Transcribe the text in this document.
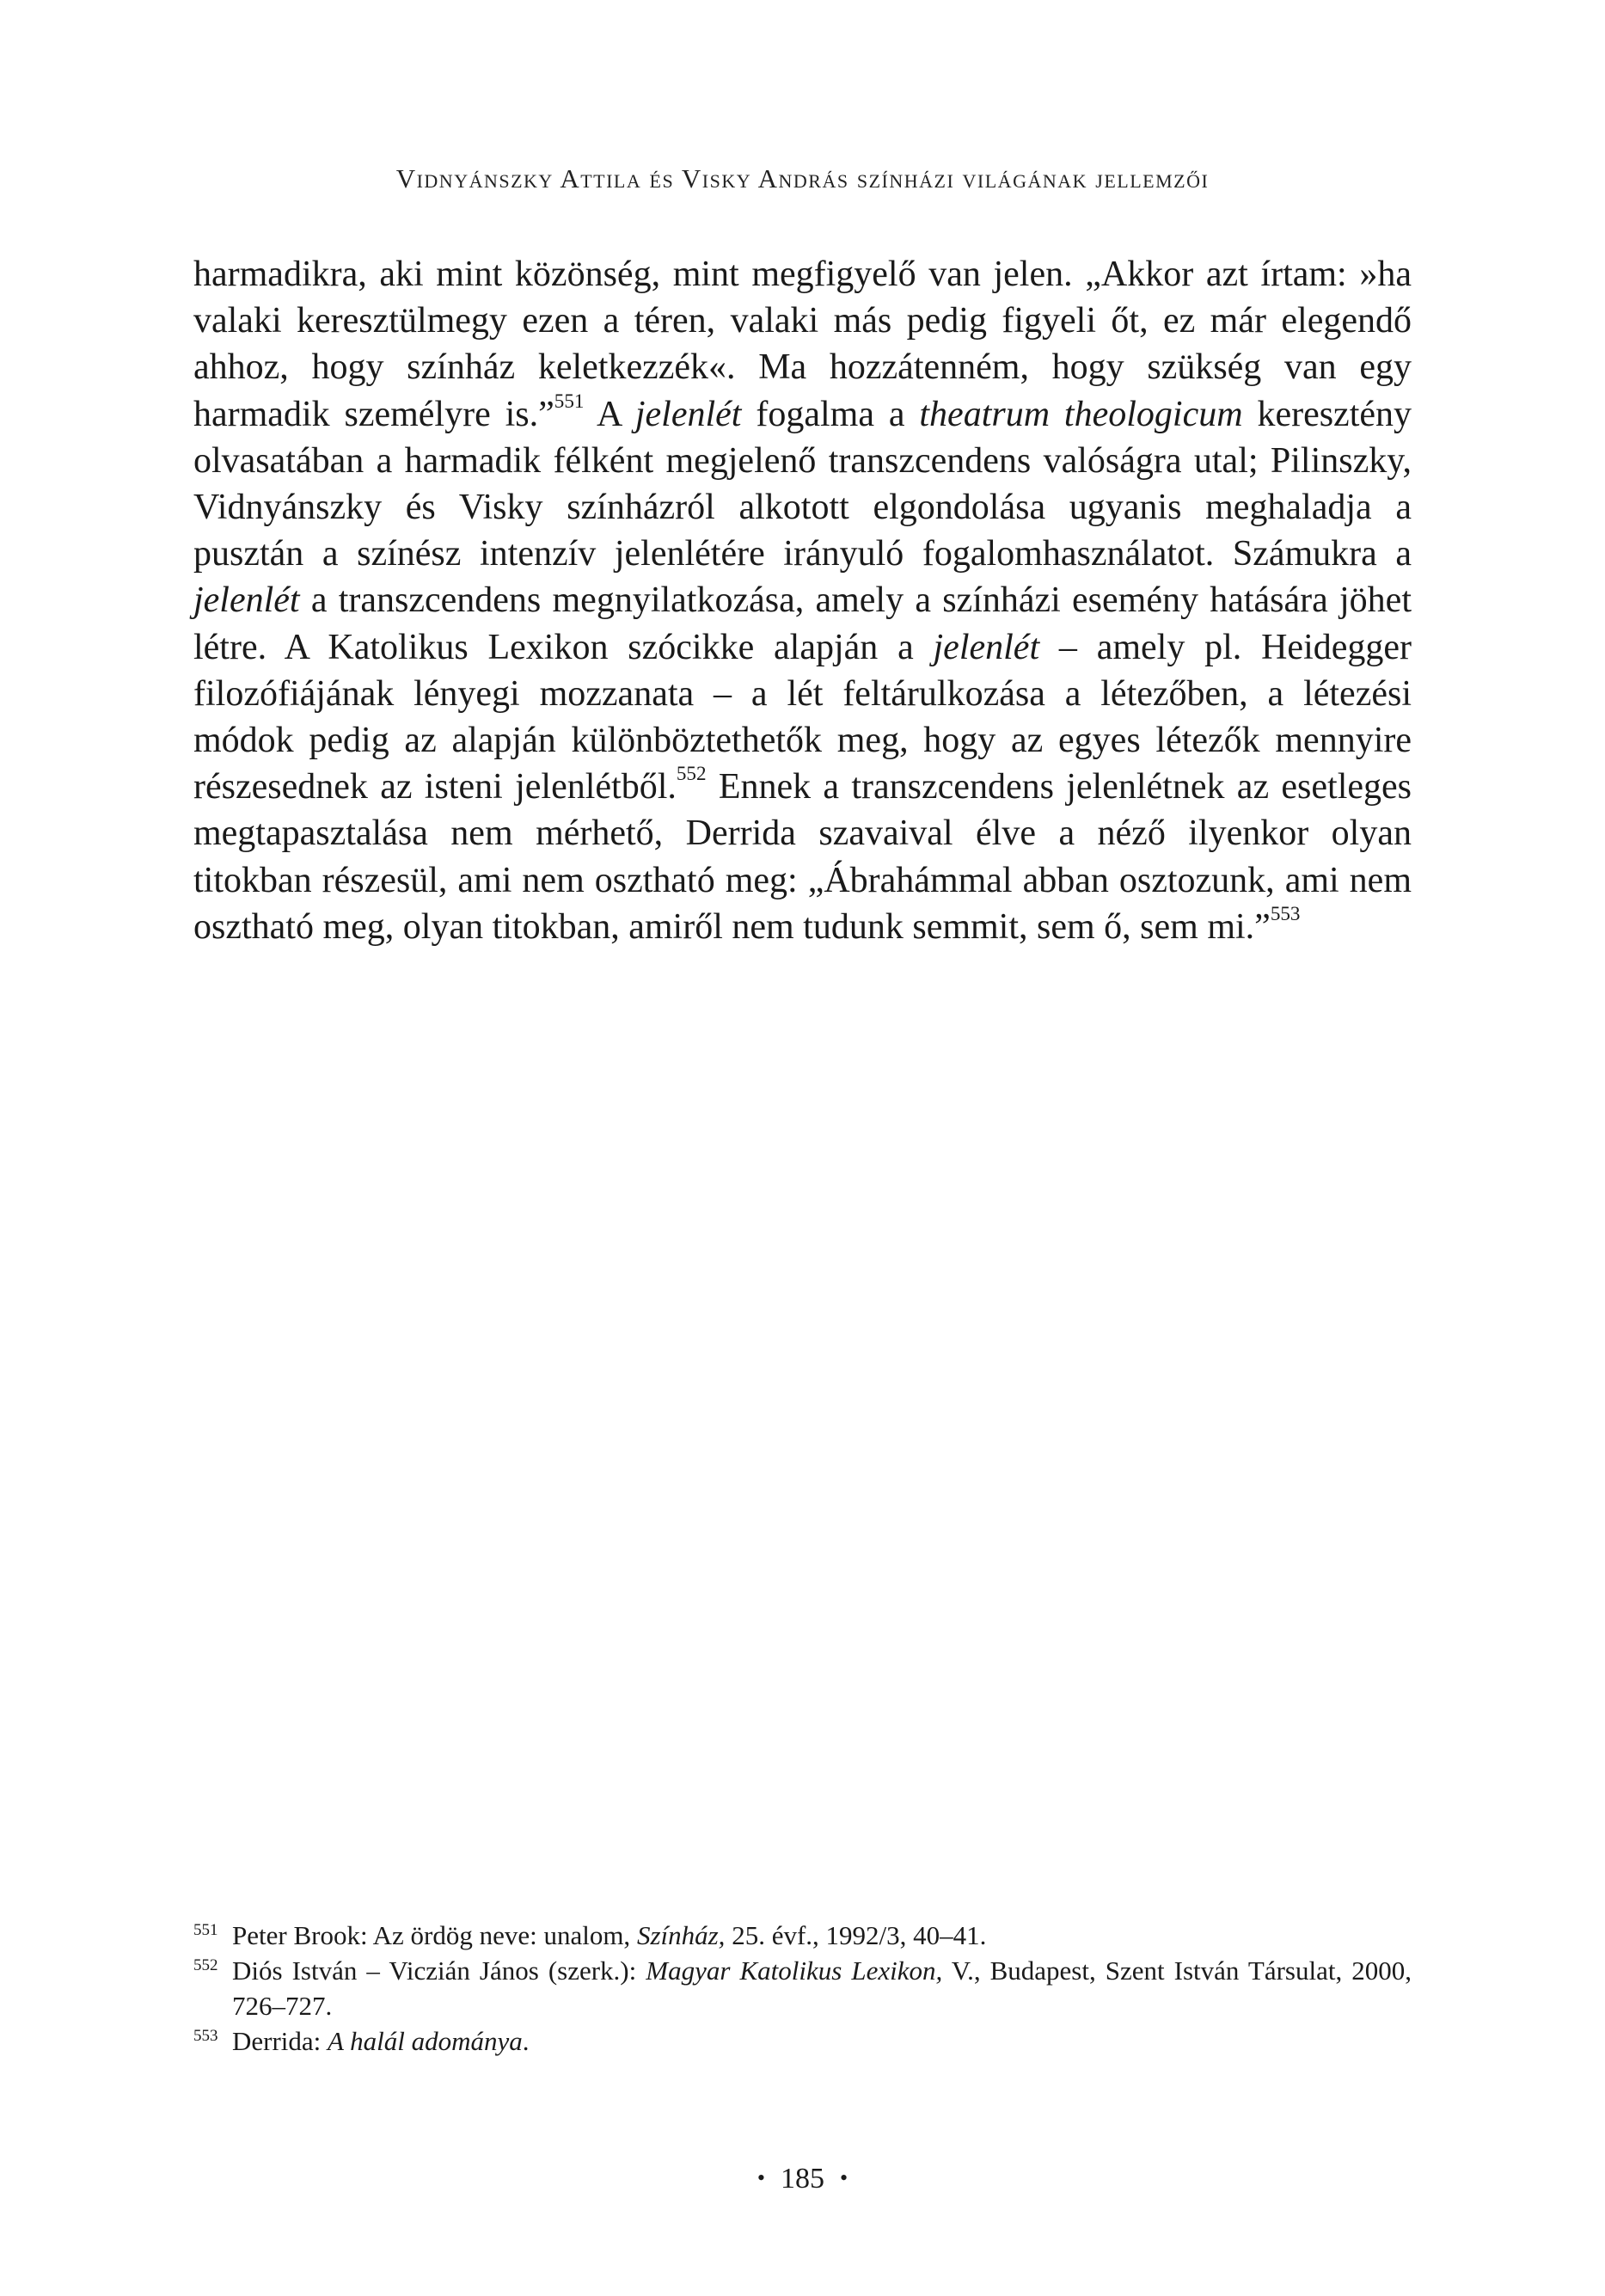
Vidnyánszky Attila és Visky András színházi világának jellemzői

harmadikra, aki mint közönség, mint megfigyelő van jelen. „Akkor azt írtam: »ha valaki keresztülmegy ezen a téren, valaki más pedig figyeli őt, ez már elegendő ahhoz, hogy színház keletkezzék«. Ma hozzátenném, hogy szükség van egy harmadik személyre is.”$^{551}$ A jelenlét fogalma a theatrum theologicum keresztény olvasatában a harmadik félként megjelenő transzcendens valóságra utal; Pilinszky, Vidnyánszky és Visky színházról alkotott elgondolása ugyanis meghaladja a pusztán a színész intenzív jelenlétére irányuló fogalomhasználatot. Számukra a jelenlét a transzcendens megnyilatkozása, amely a színházi esemény hatására jöhet létre. A Katolikus Lexikon szócikke alapján a jelenlét – amely pl. Heidegger filozófiájának lényegi mozzanata – a lét feltárulkozása a létezőben, a létezési módok pedig az alapján különböztethetők meg, hogy az egyes létezők mennyire részesednek az isteni jelenlétből.$^{552}$ Ennek a transzcendens jelenlétnek az esetleges megtapasztalása nem mérhető, Derrida szavaival élve a néző ilyenkor olyan titokban részesül, ami nem osztható meg: „Ábrahámmal abban osztozunk, ami nem osztható meg, olyan titokban, amiről nem tudunk semmit, sem ő, sem mi.”$^{553}$

551 Peter Brook: Az ördög neve: unalom, Színház, 25. évf., 1992/3, 40–41.

552 Diós István – Viczián János (szerk.): Magyar Katolikus Lexikon, V., Budapest, Szent István Társulat, 2000, 726–727.

553 Derrida: A halál adománya.

• 185 •
